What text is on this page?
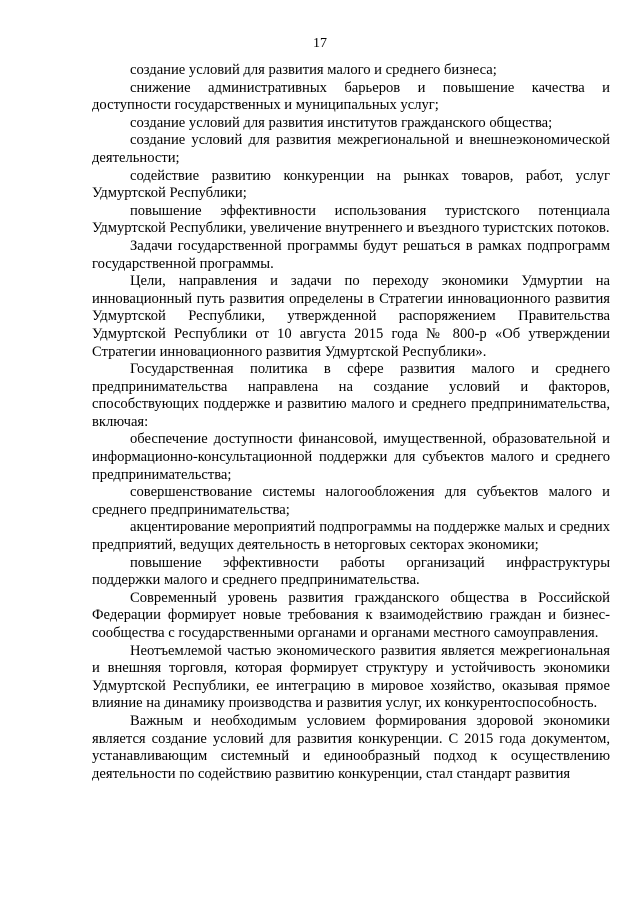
17

создание условий для развития малого и среднего бизнеса;

снижение административных барьеров и повышение качества и доступности государственных и муниципальных услуг;

создание условий для развития институтов гражданского общества;

создание условий для развития межрегиональной и внешнеэкономической деятельности;

содействие развитию конкуренции на рынках товаров, работ, услуг Удмуртской Республики;

повышение эффективности использования туристского потенциала Удмуртской Республики, увеличение внутреннего и въездного туристских потоков.

Задачи государственной программы будут решаться в рамках подпрограмм государственной программы.

Цели, направления и задачи по переходу экономики Удмуртии на инновационный путь развития определены в Стратегии инновационного развития Удмуртской Республики, утвержденной распоряжением Правительства Удмуртской Республики от 10 августа 2015 года № 800-р «Об утверждении Стратегии инновационного развития Удмуртской Республики».

Государственная политика в сфере развития малого и среднего предпринимательства направлена на создание условий и факторов, способствующих поддержке и развитию малого и среднего предпринимательства, включая:

обеспечение доступности финансовой, имущественной, образовательной и информационно-консультационной поддержки для субъектов малого и среднего предпринимательства;

совершенствование системы налогообложения для субъектов малого и среднего предпринимательства;

акцентирование мероприятий подпрограммы на поддержке малых и средних предприятий, ведущих деятельность в неторговых секторах экономики;

повышение эффективности работы организаций инфраструктуры поддержки малого и среднего предпринимательства.

Современный уровень развития гражданского общества в Российской Федерации формирует новые требования к взаимодействию граждан и бизнес-сообщества с государственными органами и органами местного самоуправления.

Неотъемлемой частью экономического развития является межрегиональная и внешняя торговля, которая формирует структуру и устойчивость экономики Удмуртской Республики, ее интеграцию в мировое хозяйство, оказывая прямое влияние на динамику производства и развития услуг, их конкурентоспособность.

Важным и необходимым условием формирования здоровой экономики является создание условий для развития конкуренции. С 2015 года документом, устанавливающим системный и единообразный подход к осуществлению деятельности по содействию развитию конкуренции, стал стандарт развития
